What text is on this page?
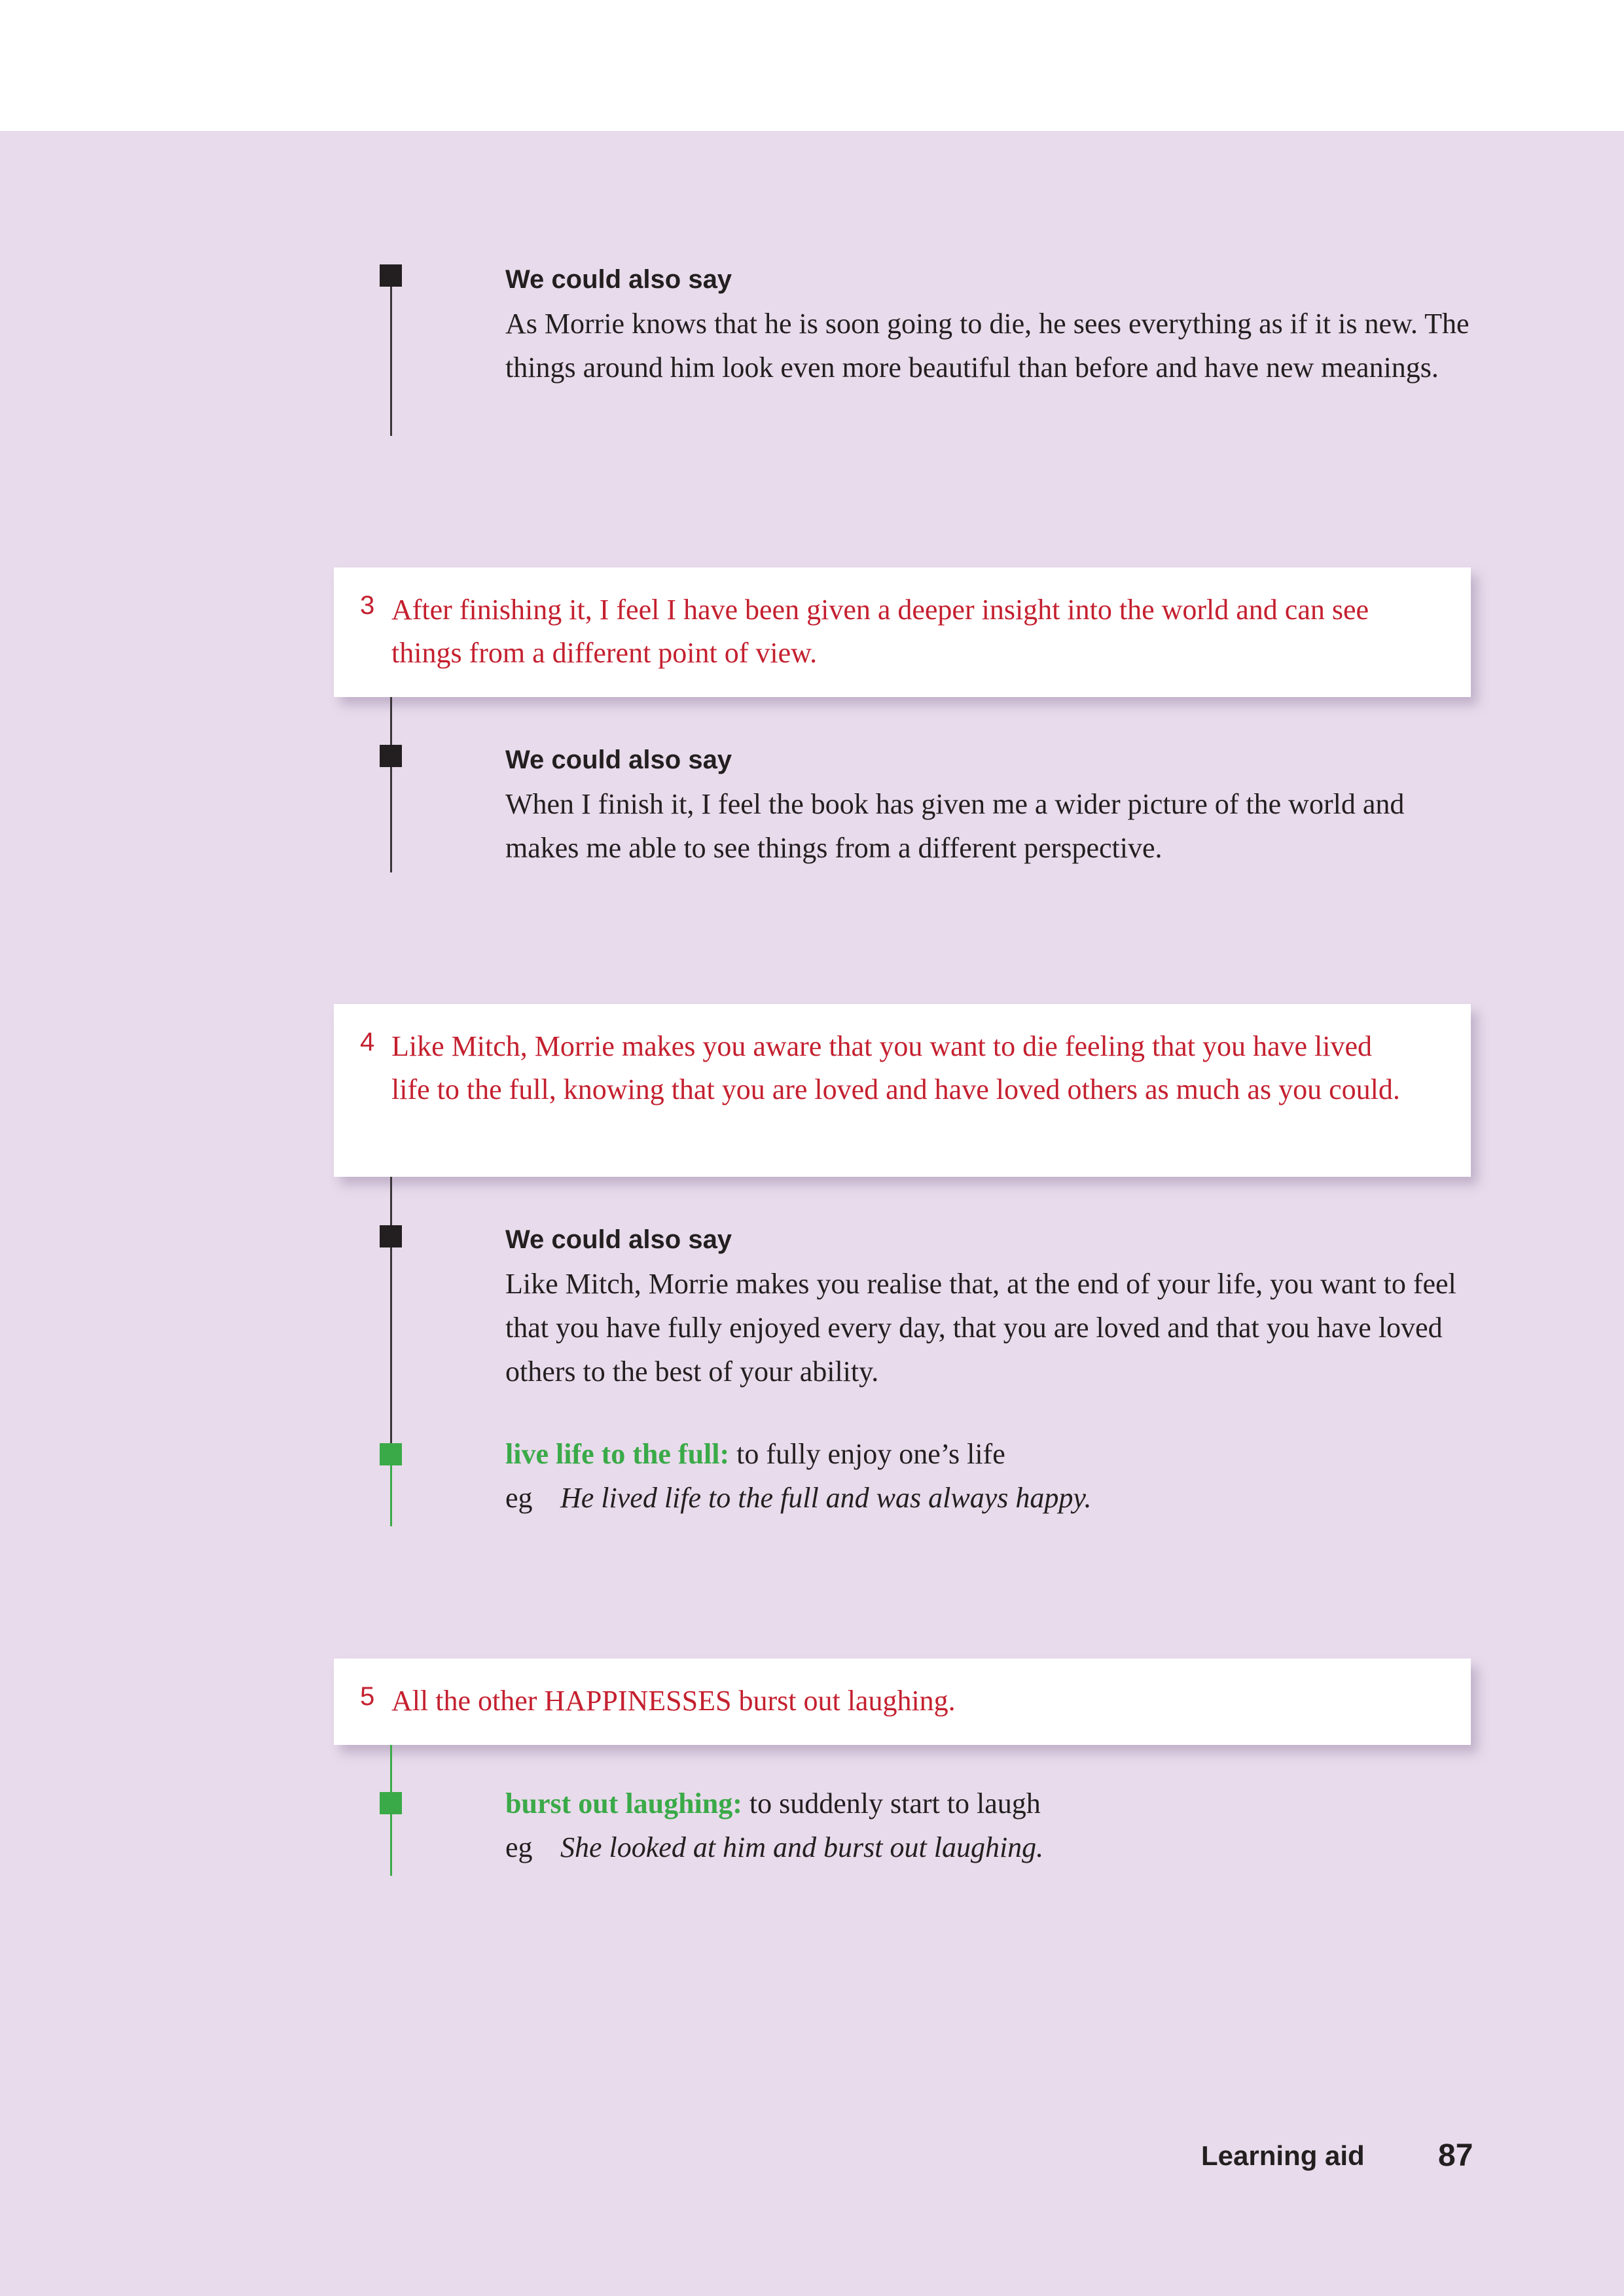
We could also say
As Morrie knows that he is soon going to die, he sees everything as if it is new. The things around him look even more beautiful than before and have new meanings.
3 After finishing it, I feel I have been given a deeper insight into the world and can see things from a different point of view.
We could also say
When I finish it, I feel the book has given me a wider picture of the world and makes me able to see things from a different perspective.
4 Like Mitch, Morrie makes you aware that you want to die feeling that you have lived life to the full, knowing that you are loved and have loved others as much as you could.
We could also say
Like Mitch, Morrie makes you realise that, at the end of your life, you want to feel that you have fully enjoyed every day, that you are loved and that you have loved others to the best of your ability.
live life to the full: to fully enjoy one’s life
eg He lived life to the full and was always happy.
5 All the other HAPPINESSES burst out laughing.
burst out laughing: to suddenly start to laugh
eg She looked at him and burst out laughing.
Learning aid 87
